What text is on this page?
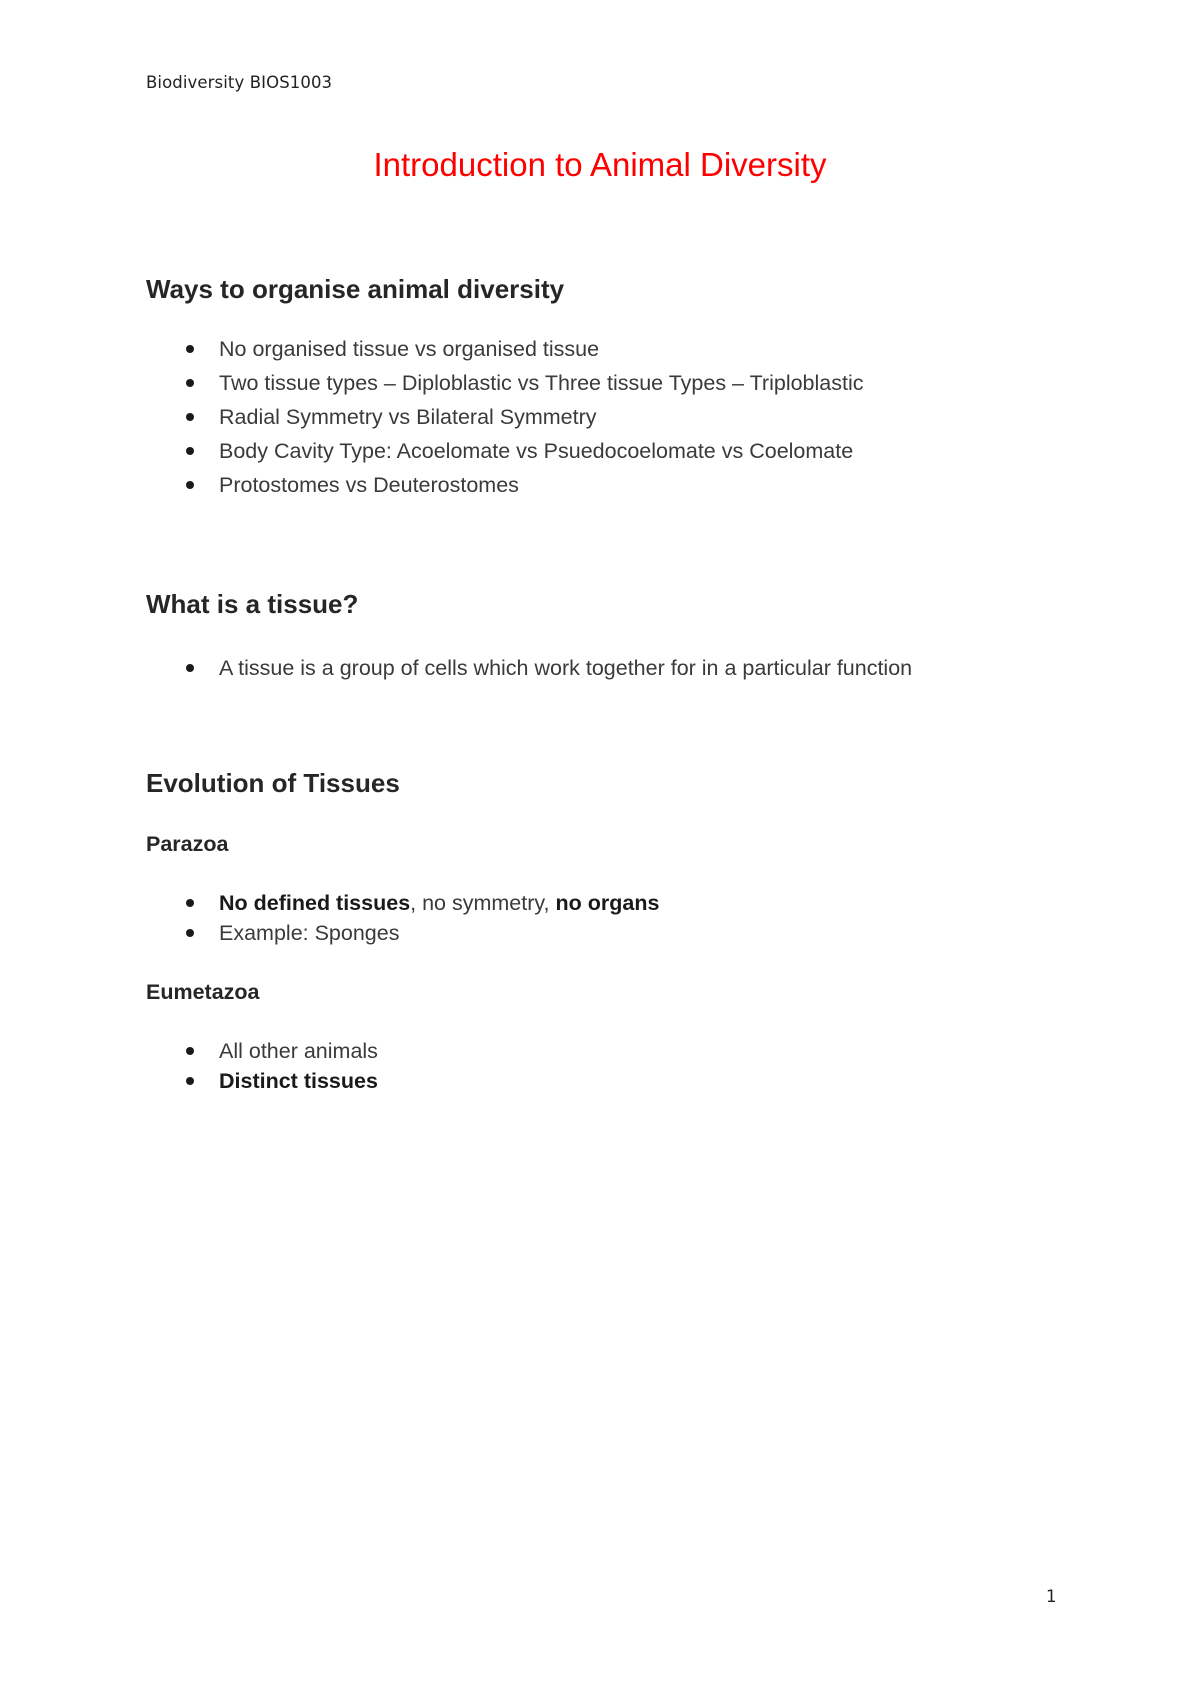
Biodiversity BIOS1003
Introduction to Animal Diversity
Ways to organise animal diversity
No organised tissue vs organised tissue
Two tissue types – Diploblastic vs Three tissue Types – Triploblastic
Radial Symmetry vs Bilateral Symmetry
Body Cavity Type: Acoelomate vs Psuedocoelomate vs Coelomate
Protostomes vs Deuterostomes
What is a tissue?
A tissue is a group of cells which work together for in a particular function
Evolution of Tissues
Parazoa
No defined tissues, no symmetry, no organs
Example: Sponges
Eumetazoa
All other animals
Distinct tissues
1
